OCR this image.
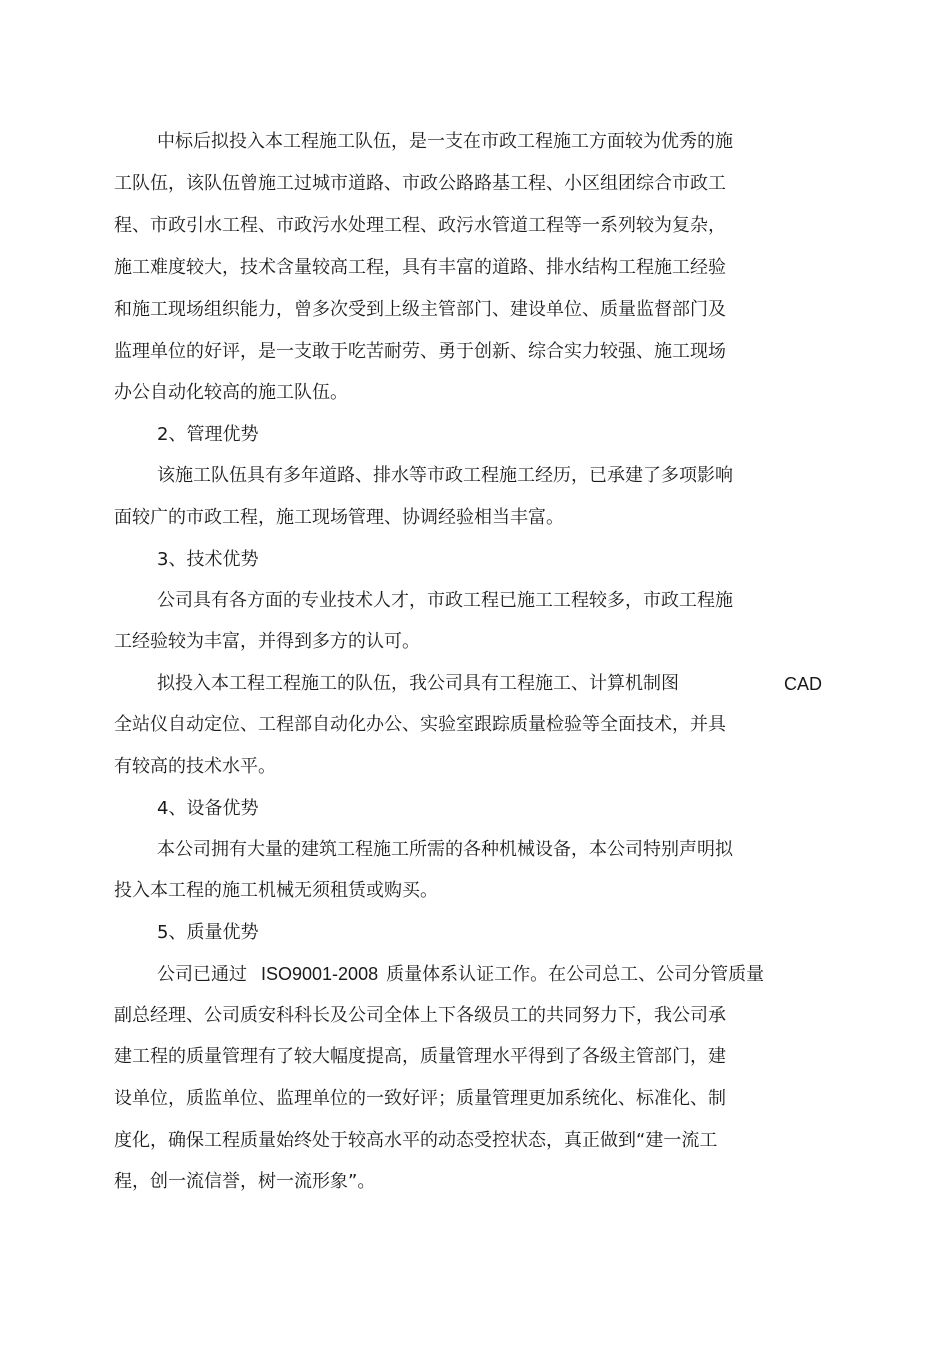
中标后拟投入本工程施工队伍，是一支在市政工程施工方面较为优秀的施
工队伍，该队伍曾施工过城市道路、市政公路路基工程、小区组团综合市政工
程、市政引水工程、市政污水处理工程、政污水管道工程等一系列较为复杂，
施工难度较大，技术含量较高工程，具有丰富的道路、排水结构工程施工经验
和施工现场组织能力，曾多次受到上级主管部门、建设单位、质量监督部门及
监理单位的好评，是一支敢于吃苦耐劳、勇于创新、综合实力较强、施工现场
办公自动化较高的施工队伍。
2、管理优势
该施工队伍具有多年道路、排水等市政工程施工经历，已承建了多项影响
面较广的市政工程，施工现场管理、协调经验相当丰富。
3、技术优势
公司具有各方面的专业技术人才，市政工程已施工工程较多，市政工程施
工经验较为丰富，并得到多方的认可。
拟投入本工程工程施工的队伍，我公司具有工程施工、计算机制图	CAD
全站仪自动定位、工程部自动化办公、实验室跟踪质量检验等全面技术，并具
有较高的技术水平。
4、设备优势
本公司拥有大量的建筑工程施工所需的各种机械设备，本公司特别声明拟
投入本工程的施工机械无须租赁或购买。
5、质量优势
公司已通过 ISO9001-2008 质量体系认证工作。在公司总工、公司分管质量
副总经理、公司质安科科长及公司全体上下各级员工的共同努力下，我公司承
建工程的质量管理有了较大幅度提高，质量管理水平得到了各级主管部门，建
设单位，质监单位、监理单位的一致好评；质量管理更加系统化、标准化、制
度化，确保工程质量始终处于较高水平的动态受控状态，真正做到“建一流工
程，创一流信誉，树一流形象”。
